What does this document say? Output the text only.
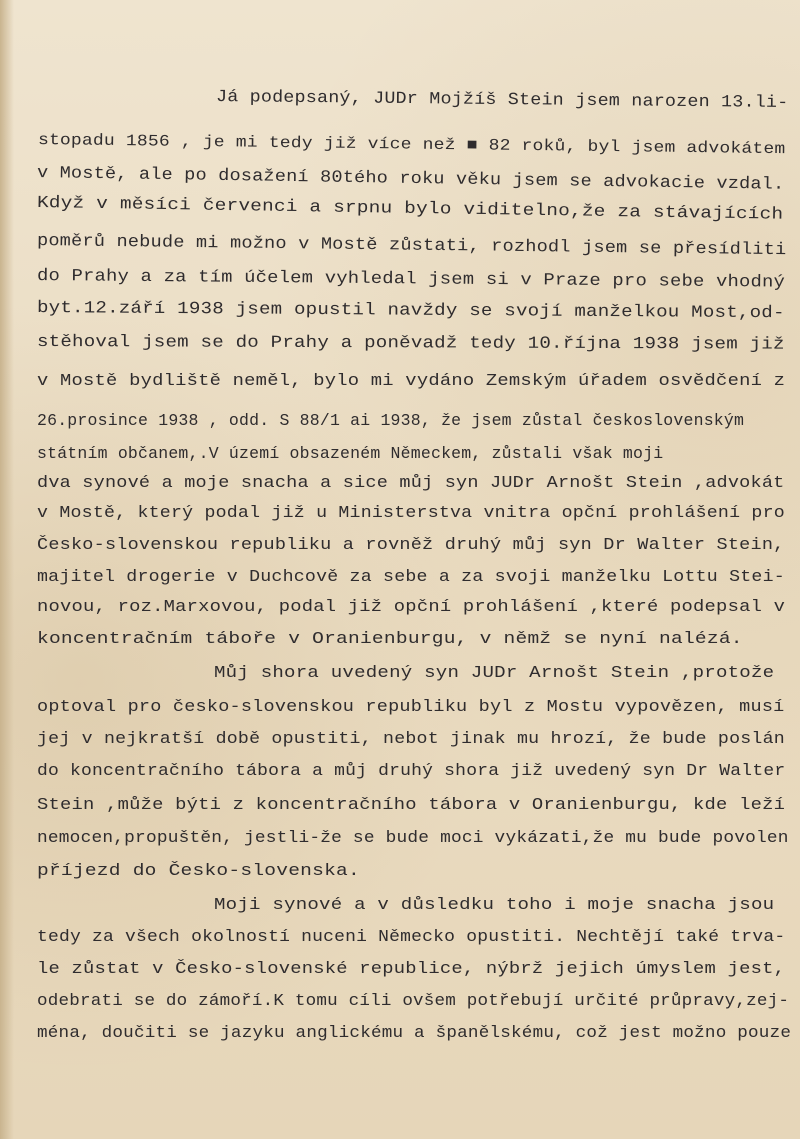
Já podepsaný, JUDr Mojžíš Stein jsem narozen 13.li-
stopadu 1856 , je mi tedy již více než ■ 82 roků, byl jsem advokátem
v Mostě, ale po dosažení 80tého roku věku jsem se advokacie vzdal.
Když v měsíci červenci a srpnu bylo viditelno,že za stávajících
poměrů nebude mi možno v Mostě zůstati, rozhodl jsem se přesídliti
do Prahy a za tím účelem vyhledal jsem si v Praze pro sebe vhodný
byt.12.září 1938 jsem opustil navždy se svojí manželkou Most,od-
stěhoval jsem se do Prahy a poněvadž tedy 10.října 1938 jsem již
v Mostě bydliště neměl, bylo mi vydáno Zemským úřadem osvědčení z
26.prosince 1938 , odd. S 88/1 ai 1938, že jsem zůstal československým státním občanem,.V území obsazeném Německem, zůstali však moji
dva synové a moje snacha a sice můj syn JUDr Arnošt Stein ,advokát
v Mostě, který podal již u Ministerstva vnitra opční prohlášení pro
Česko-slovenskou republiku a rovněž druhý můj syn Dr Walter Stein,
majitel drogerie v Duchcově za sebe a za svoji manželku Lottu Stei-
novou, roz.Marxovou, podal již opční prohlášení ,které podepsal v
koncentračním táboře v Oranienburgu, v němž se nyní nalézá.
Můj shora uvedený syn JUDr Arnošt Stein ,protože
optoval pro česko-slovenskou republiku byl z Mostu vypovězen, musí
jej v nejkratší době opustiti, nebot jinak mu hrozí, že bude poslán
do koncentračního tábora a můj druhý shora již uvedený syn Dr Walter
Stein ,může býti z koncentračního tábora v Oranienburgu, kde leží
nemocen,propuštěn, jestli-že se bude moci vykázati,že mu bude povolen
příjezd do Česko-slovenska.
Moji synové a v důsledku toho i moje snacha jsou
tedy za všech okolností nuceni Německo opustiti. Nechtějí také trva-
le zůstat v Česko-slovenské republice, nýbrž jejich úmyslem jest,
odebrati se do zámoří.K tomu cíli ovšem potřebují určité průpravy,zej-
ména, doučiti se jazyku anglickému a španělskému, což jest možno pouze
